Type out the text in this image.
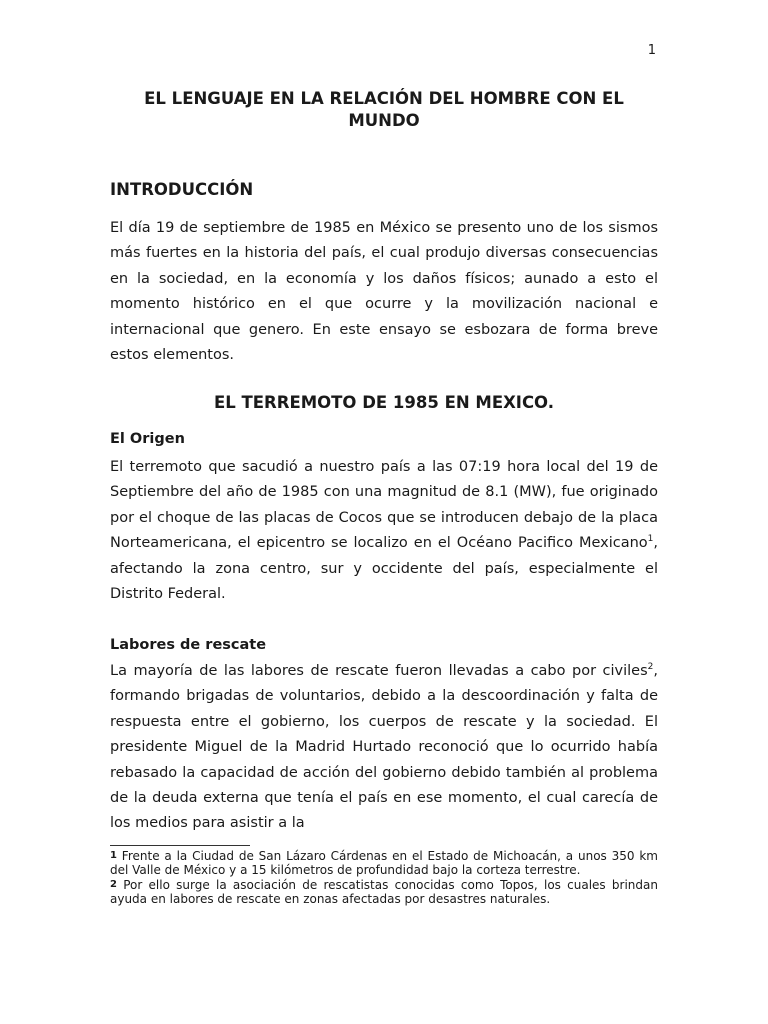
1
EL LENGUAJE EN LA RELACIÓN DEL HOMBRE CON EL MUNDO
INTRODUCCIÓN

El día 19 de septiembre de 1985 en México se presento uno de los sismos más fuertes en la historia del país, el cual produjo diversas consecuencias en la sociedad, en la economía y los daños físicos; aunado a esto el momento histórico en el que ocurre y la movilización nacional e internacional que genero. En este ensayo se esbozara de forma breve estos elementos.

EL TERREMOTO DE 1985 EN MEXICO.
El Origen

El terremoto que sacudió a nuestro país a las 07:19 hora local del 19 de Septiembre del año de 1985 con una magnitud de 8.1 (MW), fue originado por el choque de las placas de Cocos que se introducen debajo de la placa Norteamericana, el epicentro se localizo en el Océano Pacifico Mexicano$^1$, afectando la zona centro, sur y occidente del país, especialmente el Distrito Federal.

Labores de rescate

La mayoría de las labores de rescate fueron llevadas a cabo por civiles$^2$, formando brigadas de voluntarios, debido a la descoordinación y falta de respuesta entre el gobierno, los cuerpos de rescate y la sociedad. El presidente Miguel de la Madrid Hurtado reconoció que lo ocurrido había rebasado la capacidad de acción del gobierno debido también al problema de la deuda externa que tenía el país en ese momento, el cual carecía de los medios para asistir a la

$^1$ Frente a la Ciudad de San Lázaro Cárdenas en el Estado de Michoacán, a unos 350 km del Valle de México y a 15 kilómetros de profundidad bajo la corteza terrestre.

$^2$ Por ello surge la asociación de rescatistas conocidas como Topos, los cuales brindan ayuda en labores de rescate en zonas afectadas por desastres naturales.
